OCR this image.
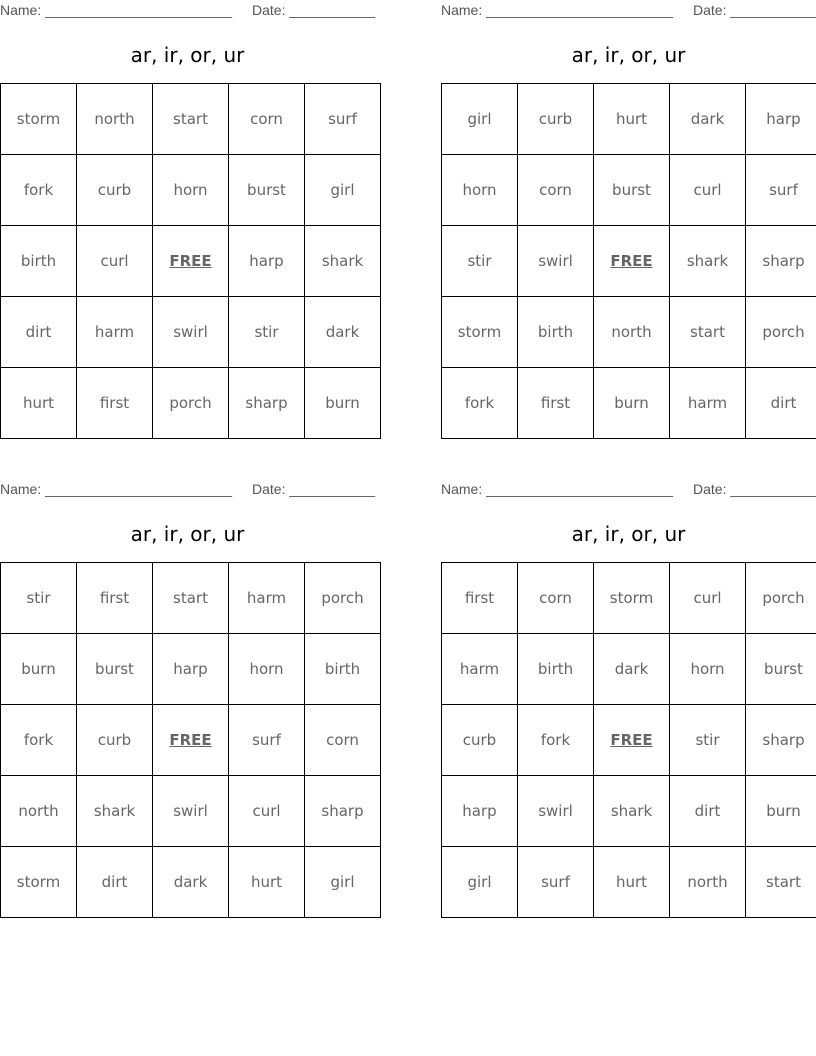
Name: ________________________ Date: ___________
ar, ir, or, ur
storm	north	start	corn	surf
fork	curb	horn	burst	girl
birth	curl	FREE	harp	shark
dirt	harm	swirl	stir	dark
hurt	first	porch	sharp	burn
Name: ________________________ Date: ___________
ar, ir, or, ur
girl	curb	hurt	dark	harp
horn	corn	burst	curl	surf
stir	swirl	FREE	shark	sharp
storm	birth	north	start	porch
fork	first	burn	harm	dirt
Name: ________________________ Date: ___________
ar, ir, or, ur
stir	first	start	harm	porch
burn	burst	harp	horn	birth
fork	curb	FREE	surf	corn
north	shark	swirl	curl	sharp
storm	dirt	dark	hurt	girl
Name: ________________________ Date: ___________
ar, ir, or, ur
first	corn	storm	curl	porch
harm	birth	dark	horn	burst
curb	fork	FREE	stir	sharp
harp	swirl	shark	dirt	burn
girl	surf	hurt	north	start
